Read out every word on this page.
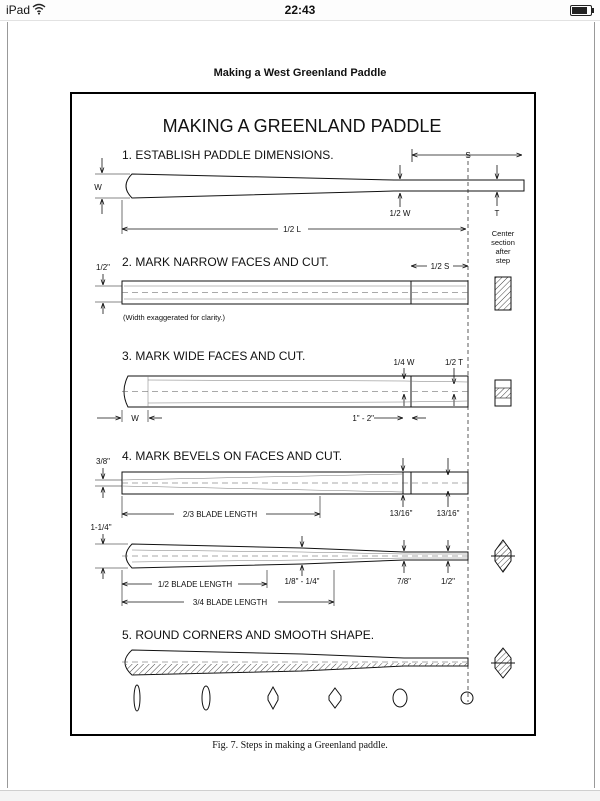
iPad	22:43
Making a West Greenland Paddle
MAKING A GREENLAND PADDLE
1. ESTABLISH PADDLE DIMENSIONS.	S
W
1/2 W	T
1/2 L	Center
section
after
step
2. MARK NARROW FACES AND CUT.
1/2"	1/2 S
(Width exaggerated for clarity.)
3. MARK WIDE FACES AND CUT.	1/4 W	1/2 T
W	1" - 2"
4. MARK BEVELS ON FACES AND CUT.
3/8"
13/16"	13/16"
2/3 BLADE LENGTH
1-1/4"
1/8" - 1/4"	7/8"	1/2"
1/2 BLADE LENGTH
3/4 BLADE LENGTH
5. ROUND CORNERS AND SMOOTH SHAPE.
Fig. 7. Steps in making a Greenland paddle.
